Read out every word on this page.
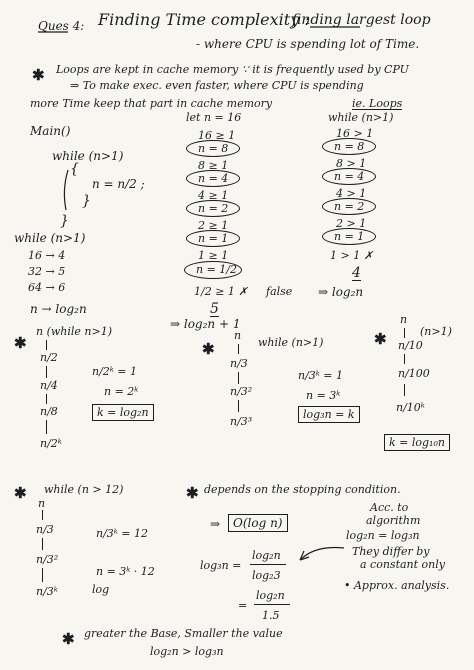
Ques 4: Finding Time complexity :
finding largest loop
- where CPU is spending lot of Time.
✱ Loops are kept in cache memory ∵ it is frequently used by CPU
⇒ To make exec. even faster, where CPU is spending
more Time keep that part in cache memory	ie. Loops
Main()
while (n>1)
{
n = n/2 ;
}
}
while (n>1)
16 → 4
32 → 5
64 → 6
n → log₂n
let n = 16
16 ≥ 1
n = 8
8 ≥ 1
n = 4
4 ≥ 1
n = 2
2 ≥ 1
n = 1
1 ≥ 1
n = 1/2
1/2 ≥ 1 ✗ false
5
⇒ log₂n + 1
while (n>1)
16 > 1
n = 8
8 > 1
n = 4
4 > 1
n = 2
2 > 1
n = 1
1 > 1 ✗
4
⇒ log₂n
✱
n (while n>1)
n/2
n/4
n/8
n/2ᵏ
n/2ᵏ = 1
n = 2ᵏ
k = log₂n
✱
n
while (n>1)
n/3
n/3²
n/3³
n/3ᵏ = 1
n = 3ᵏ
log₃n = k
✱
n
(n>1)
n/10
n/100
n/10ᵏ
k = log₁₀n
✱ while (n > 12)
n
n/3
n/3²
n/3ᵏ
n/3ᵏ = 12
n = 3ᵏ · 12
log
✱ depends on the stopping condition.
⇒	O(log n)
log₃n =
log₂n
log₂3
=
log₂n
1.5
Acc. to
algorithm
log₂n = log₃n
They differ by
a constant only
• Approx. analysis.
✱ greater the Base, Smaller the value
log₂n > log₃n
